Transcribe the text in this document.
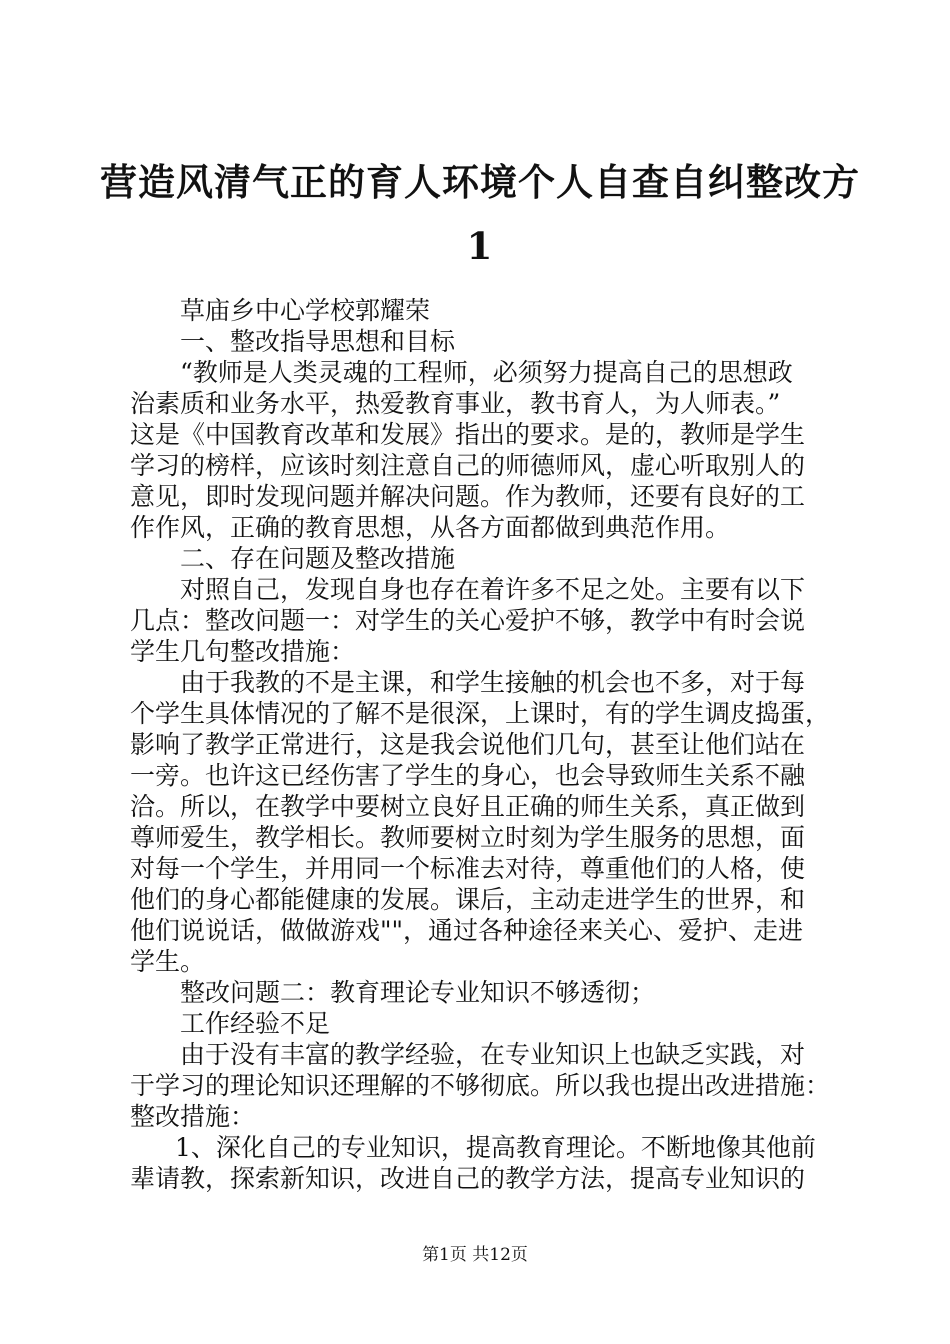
营造风清气正的育人环境个人自查自纠整改方
1
草庙乡中心学校郭耀荣
一、整改指导思想和目标
“教师是人类灵魂的工程师，必须努力提高自己的思想政
治素质和业务水平，热爱教育事业，教书育人，为人师表。”
这是《中国教育改革和发展》指出的要求。是的，教师是学生
学习的榜样，应该时刻注意自己的师德师风，虚心听取别人的
意见，即时发现问题并解决问题。作为教师，还要有良好的工
作作风，正确的教育思想，从各方面都做到典范作用。
二、存在问题及整改措施
对照自己，发现自身也存在着许多不足之处。主要有以下
几点：整改问题一：对学生的关心爱护不够，教学中有时会说
学生几句整改措施：
由于我教的不是主课，和学生接触的机会也不多，对于每
个学生具体情况的了解不是很深，上课时，有的学生调皮捣蛋，
影响了教学正常进行，这是我会说他们几句，甚至让他们站在
一旁。也许这已经伤害了学生的身心，也会导致师生关系不融
洽。所以，在教学中要树立良好且正确的师生关系，真正做到
尊师爱生，教学相长。教师要树立时刻为学生服务的思想，面
对每一个学生，并用同一个标准去对待，尊重他们的人格，使
他们的身心都能健康的发展。课后，主动走进学生的世界，和
他们说说话，做做游戏""，通过各种途径来关心、爱护、走进
学生。
整改问题二：教育理论专业知识不够透彻；
工作经验不足
由于没有丰富的教学经验，在专业知识上也缺乏实践，对
于学习的理论知识还理解的不够彻底。所以我也提出改进措施：
整改措施：
1、深化自己的专业知识，提高教育理论。不断地像其他前
辈请教，探索新知识，改进自己的教学方法，提高专业知识的
第1页 共12页
